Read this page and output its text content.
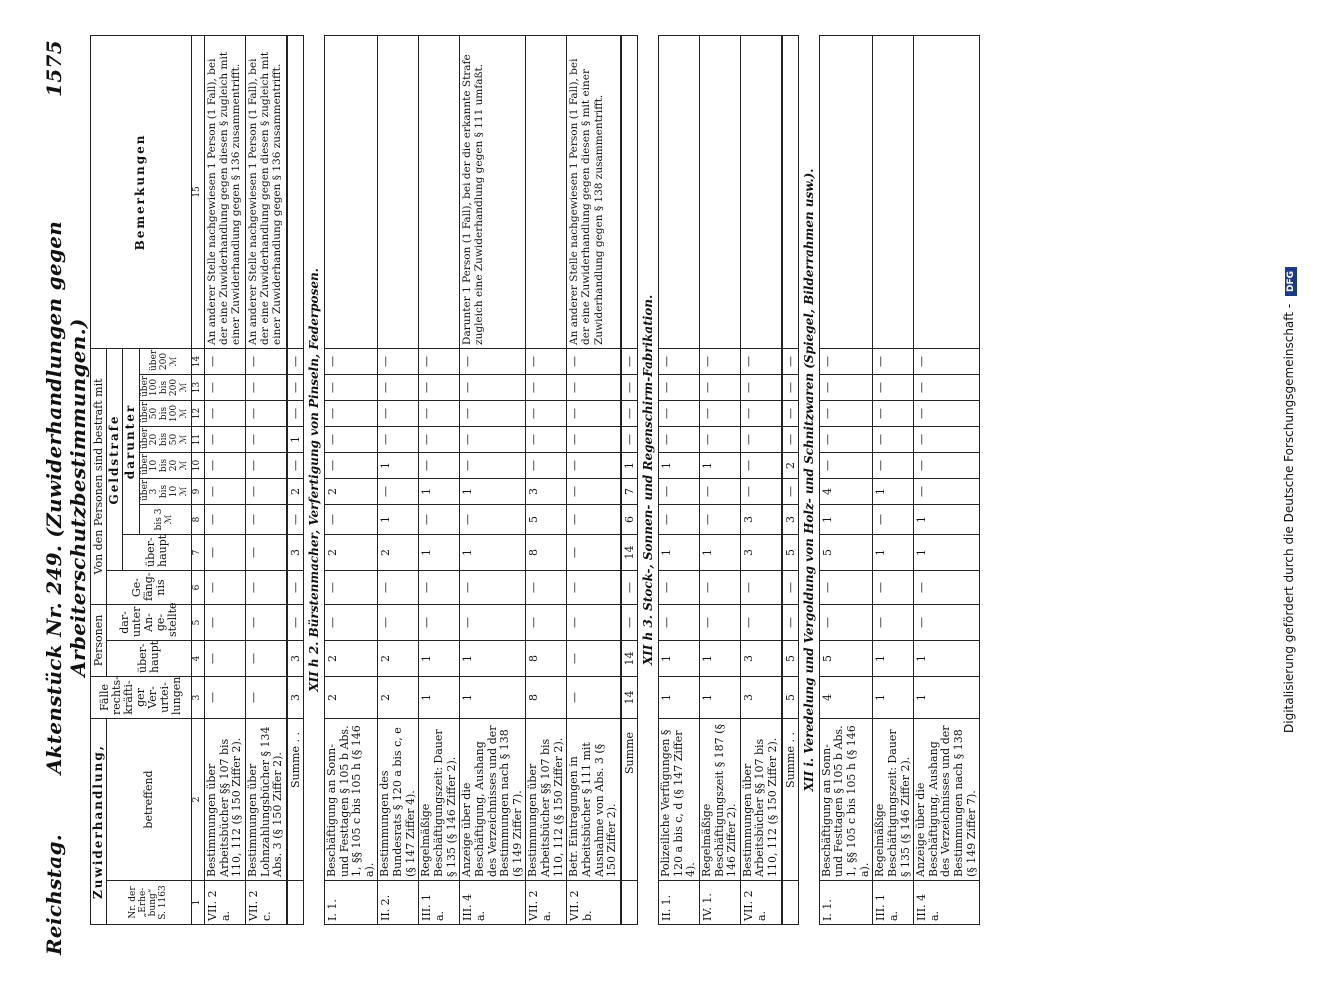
Reichstag.
Aktenstück Nr. 249. (Zuwiderhandlungen gegen Arbeiterschutzbestimmungen.)
1575
Zuwiderhandlung,		Fälle rechts- kräfti- ger Ver- urtei- lungen	Personen		Von den Personen sind bestraft mit									Bemerkungen
Nr. der „Erhe- bung“ S. 1163	betreffend		über- haupt	dar- unter An- ge- stellte	Ge- fäng- nis	Geldstrafe								
						über- haupt	darunter							
							bis 3 ℳ	über 3 bis 10 ℳ	über 10 bis 20 ℳ	über 20 bis 50 ℳ	über 50 bis 100 ℳ	über 100 bis 200 ℳ	über 200 ℳ	
1	2	3	4	5	6	7	8	9	10	11	12	13	14	15
VII. 2 a.	Bestimmungen über Arbeitsbücher §§ 107 bis 110, 112 (§ 150 Ziffer 2).	—	—	—	—	—	—	—	—	—	—	—	—	An anderer Stelle nachgewiesen 1 Person (1 Fall), bei der eine Zuwiderhandlung gegen diesen § zugleich mit einer Zuwiderhandlung gegen § 136 zusammentrifft.
VII. 2 c.	Bestimmungen über Lohnzahlungsbücher § 134 Abs. 3 (§ 150 Ziffer 2).	—	—	—	—	—	—	—	—	—	—	—	—	An anderer Stelle nachgewiesen 1 Person (1 Fall), bei der eine Zuwiderhandlung gegen diesen § zugleich mit einer Zuwiderhandlung gegen § 136 zusammentrifft.

	Summe . .	3	3	—	—	3	—	2	—	1	—	—	—	
XII h 2. Bürstenmacher, Verfertigung von Pinseln, Federposen.														
I. 1.	Beschäftigung an Sonn- und Festtagen § 105 b Abs. 1, §§ 105 c bis 105 h (§ 146 a).	2	2	—	—	2	—	2	—	—	—	—	—	
II. 2.	Bestimmungen des Bundesrats § 120 a bis c, e (§ 147 Ziffer 4).	2	2	—	—	2	1	—	1	—	—	—	—	
III. 1 a.	Regelmäßige Beschäftigungszeit: Dauer § 135 (§ 146 Ziffer 2).	1	1	—	—	1	—	1	—	—	—	—	—	
III. 4 a.	Anzeige über die Beschäftigung, Aushang des Verzeichnisses und der Bestimmungen nach § 138 (§ 149 Ziffer 7).	1	1	—	—	1	—	1	—	—	—	—	—	Darunter 1 Person (1 Fall), bei der die erkannte Strafe zugleich eine Zuwiderhandlung gegen § 111 umfaßt.
VII. 2 a.	Bestimmungen über Arbeitsbücher §§ 107 bis 110, 112 (§ 150 Ziffer 2).	8	8	—	—	8	5	3	—	—	—	—	—	
VII. 2 b.	Betr. Eintragungen in Arbeitsbücher § 111 mit Ausnahme von Abs. 3 (§ 150 Ziffer 2).	—	—	—	—	—	—	—	—	—	—	—	—	An anderer Stelle nachgewiesen 1 Person (1 Fall), bei der eine Zuwiderhandlung gegen diesen § mit einer Zuwiderhandlung gegen § 138 zusammentrifft.

	Summe	14	14	—	—	14	6	7	1	—	—	—	—	
XII h 3. Stock-, Sonnen- und Regenschirm-Fabrikation.														
II. 1.	Polizeiliche Verfügungen § 120 a bis c, d (§ 147 Ziffer 4).	1	1	—	—	1	—	—	1	—	—	—	—	
IV. 1.	Regelmäßige Beschäftigungszeit § 187 (§ 146 Ziffer 2).	1	1	—	—	1	—	—	1	—	—	—	—	
VII. 2 a.	Bestimmungen über Arbeitsbücher §§ 107 bis 110, 112 (§ 150 Ziffer 2).	3	3	—	—	3	3	—	—	—	—	—	—	

	Summe . .	5	5	—	—	5	3	—	2	—	—	—	—	
XII i. Veredelung und Vergoldung von Holz- und Schnitzwaren (Spiegel, Bilderrahmen usw.).														
I. 1.	Beschäftigung an Sonn- und Festtagen § 105 b Abs. 1, §§ 105 c bis 105 h (§ 146 a).	4	5	—	—	5	1	4	—	—	—	—	—	
III. 1 a.	Regelmäßige Beschäftigungszeit: Dauer § 135 (§ 146 Ziffer 2).	1	1	—	—	1	—	1	—	—	—	—	—	
III. 4 a.	Anzeige über die Beschäftigung, Aushang des Verzeichnisses und der Bestimmungen nach § 138 (§ 149 Ziffer 7).	1	1	—	—	1	1	—	—	—	—	—	—		Digitalisierung gefördert durch die Deutsche Forschungsgemeinschaft - DFG
